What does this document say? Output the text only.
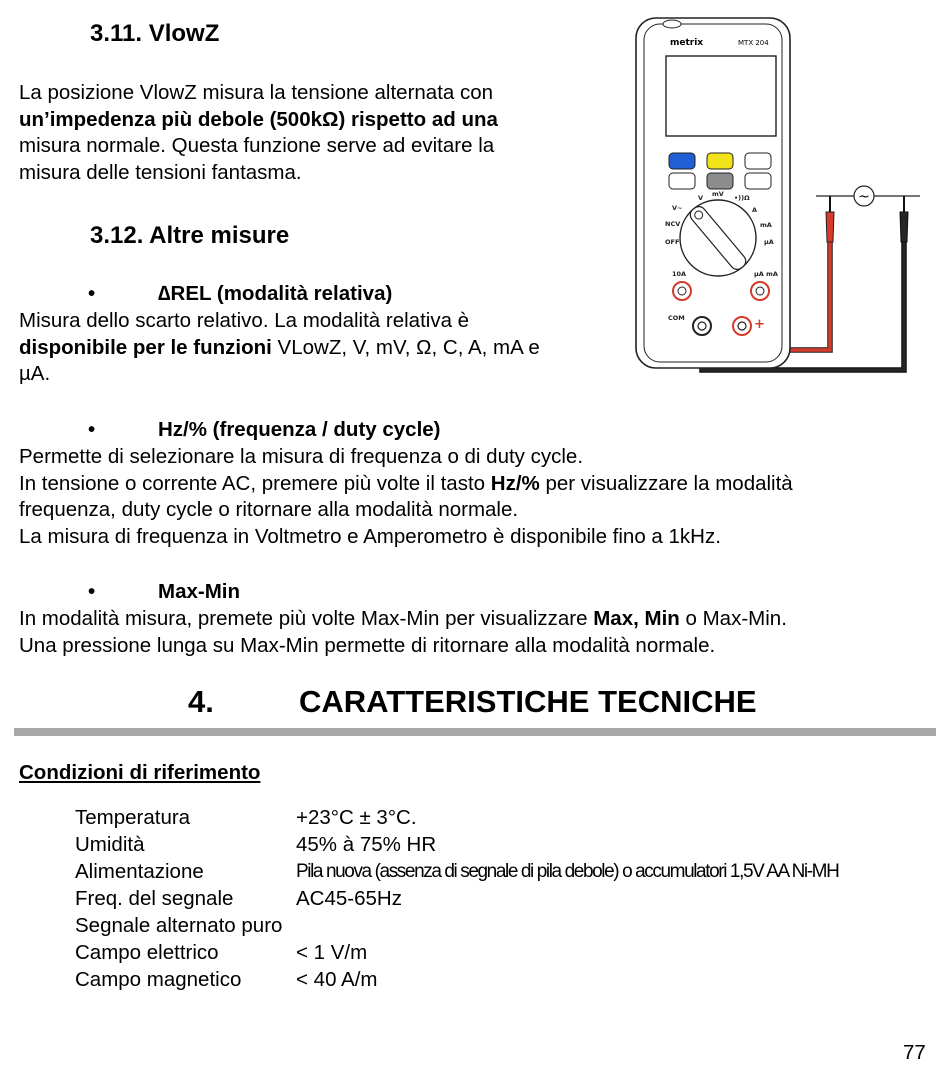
3.11. VlowZ
La posizione VlowZ misura la tensione alternata con
un’impedenza più debole (500kΩ) rispetto ad una
misura normale. Questa funzione serve ad evitare la
misura delle tensioni fantasma.
3.12. Altre misure
•	∆REL (modalità relativa)
Misura dello scarto relativo. La modalità relativa è
disponibile per le funzioni VLowZ, V, mV, Ω, C, A, mA e
µA.
•	Hz/% (frequenza / duty cycle)
Permette di selezionare la misura di frequenza o di duty cycle.
In tensione o corrente AC, premere più volte il tasto Hz/% per visualizzare la modalità
frequenza, duty cycle o ritornare alla modalità normale.
La misura di frequenza in Voltmetro e Amperometro è disponibile fino a 1kHz.
•	Max-Min
In modalità misura, premete più volte Max-Min per visualizzare Max, Min o Max-Min.
Una pressione lunga su Max-Min permette di ritornare alla modalità normale.
4.	CARATTERISTICHE TECNICHE
Condizioni di riferimento
Temperatura	+23°C ± 3°C.
Umidità	45% à 75% HR
Alimentazione	Pila nuova (assenza di segnale di pila debole) o accumulatori 1,5V AA Ni-MH
Freq. del segnale	AC45-65Hz
Segnale alternato puro
Campo elettrico	< 1 V/m
Campo magnetico	< 40 A/m
77
~
metrix	MTX 204
V~
V mV •))Ω
A
mA
µA
NCV
OFF
10A	µA mA
COM	+
